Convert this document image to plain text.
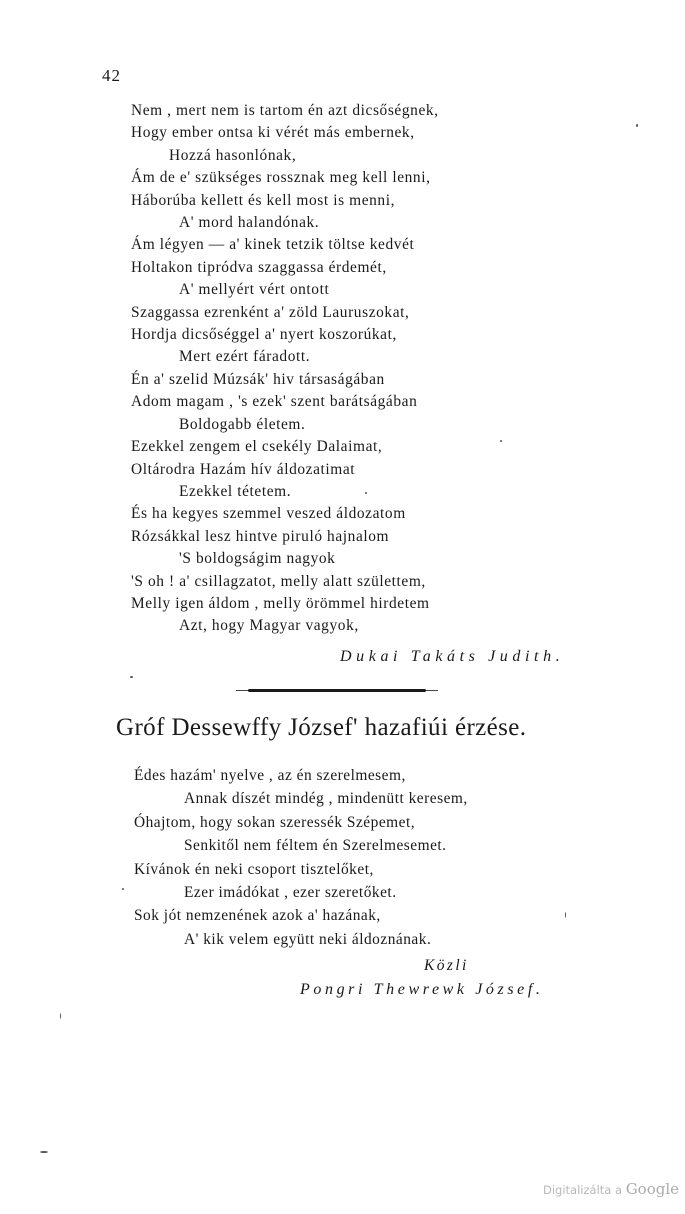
42
Nem , mert nem is tartom én azt dicsőségnek,
Hogy ember ontsa ki vérét más embernek,
Hozzá hasonlónak,
Ám de e' szükséges rossznak meg kell lenni,
Háborúba kellett és kell most is menni,
A' mord halandónak.
Ám légyen — a' kinek tetzik töltse kedvét
Holtakon tipródva szaggassa érdemét,
A' mellyért vért ontott
Szaggassa ezrenként a' zöld Lauruszokat,
Hordja dicsőséggel a' nyert koszorúkat,
Mert ezért fáradott.
Én a' szelid Múzsák' hiv társaságában
Adom magam , 's ezek' szent barátságában
Boldogabb életem.
Ezekkel zengem el csekély Dalaimat,
Oltárodra Hazám hív áldozatimat
Ezekkel tétetem.
És ha kegyes szemmel veszed áldozatom
Rózsákkal lesz hintve piruló hajnalom
'S boldogságim nagyok
'S oh ! a' csillagzatot, melly alatt születtem,
Melly igen áldom , melly örömmel hirdetem
Azt, hogy Magyar vagyok,
Dukai Takáts Judith.
Gróf Dessewffy József' hazafiúi érzése.
Édes hazám' nyelve , az én szerelmesem,
Annak díszét mindég , mindenütt keresem,
Óhajtom, hogy sokan szeressék Szépemet,
Senkitől nem féltem én Szerelmesemet.
Kívánok én neki csoport tisztelőket,
Ezer imádókat , ezer szeretőket.
Sok jót nemzenének azok a' hazának,
A' kik velem együtt neki áldoznának.
Közli
Pongri Thewrewk József.
Digitalizálta a Google
